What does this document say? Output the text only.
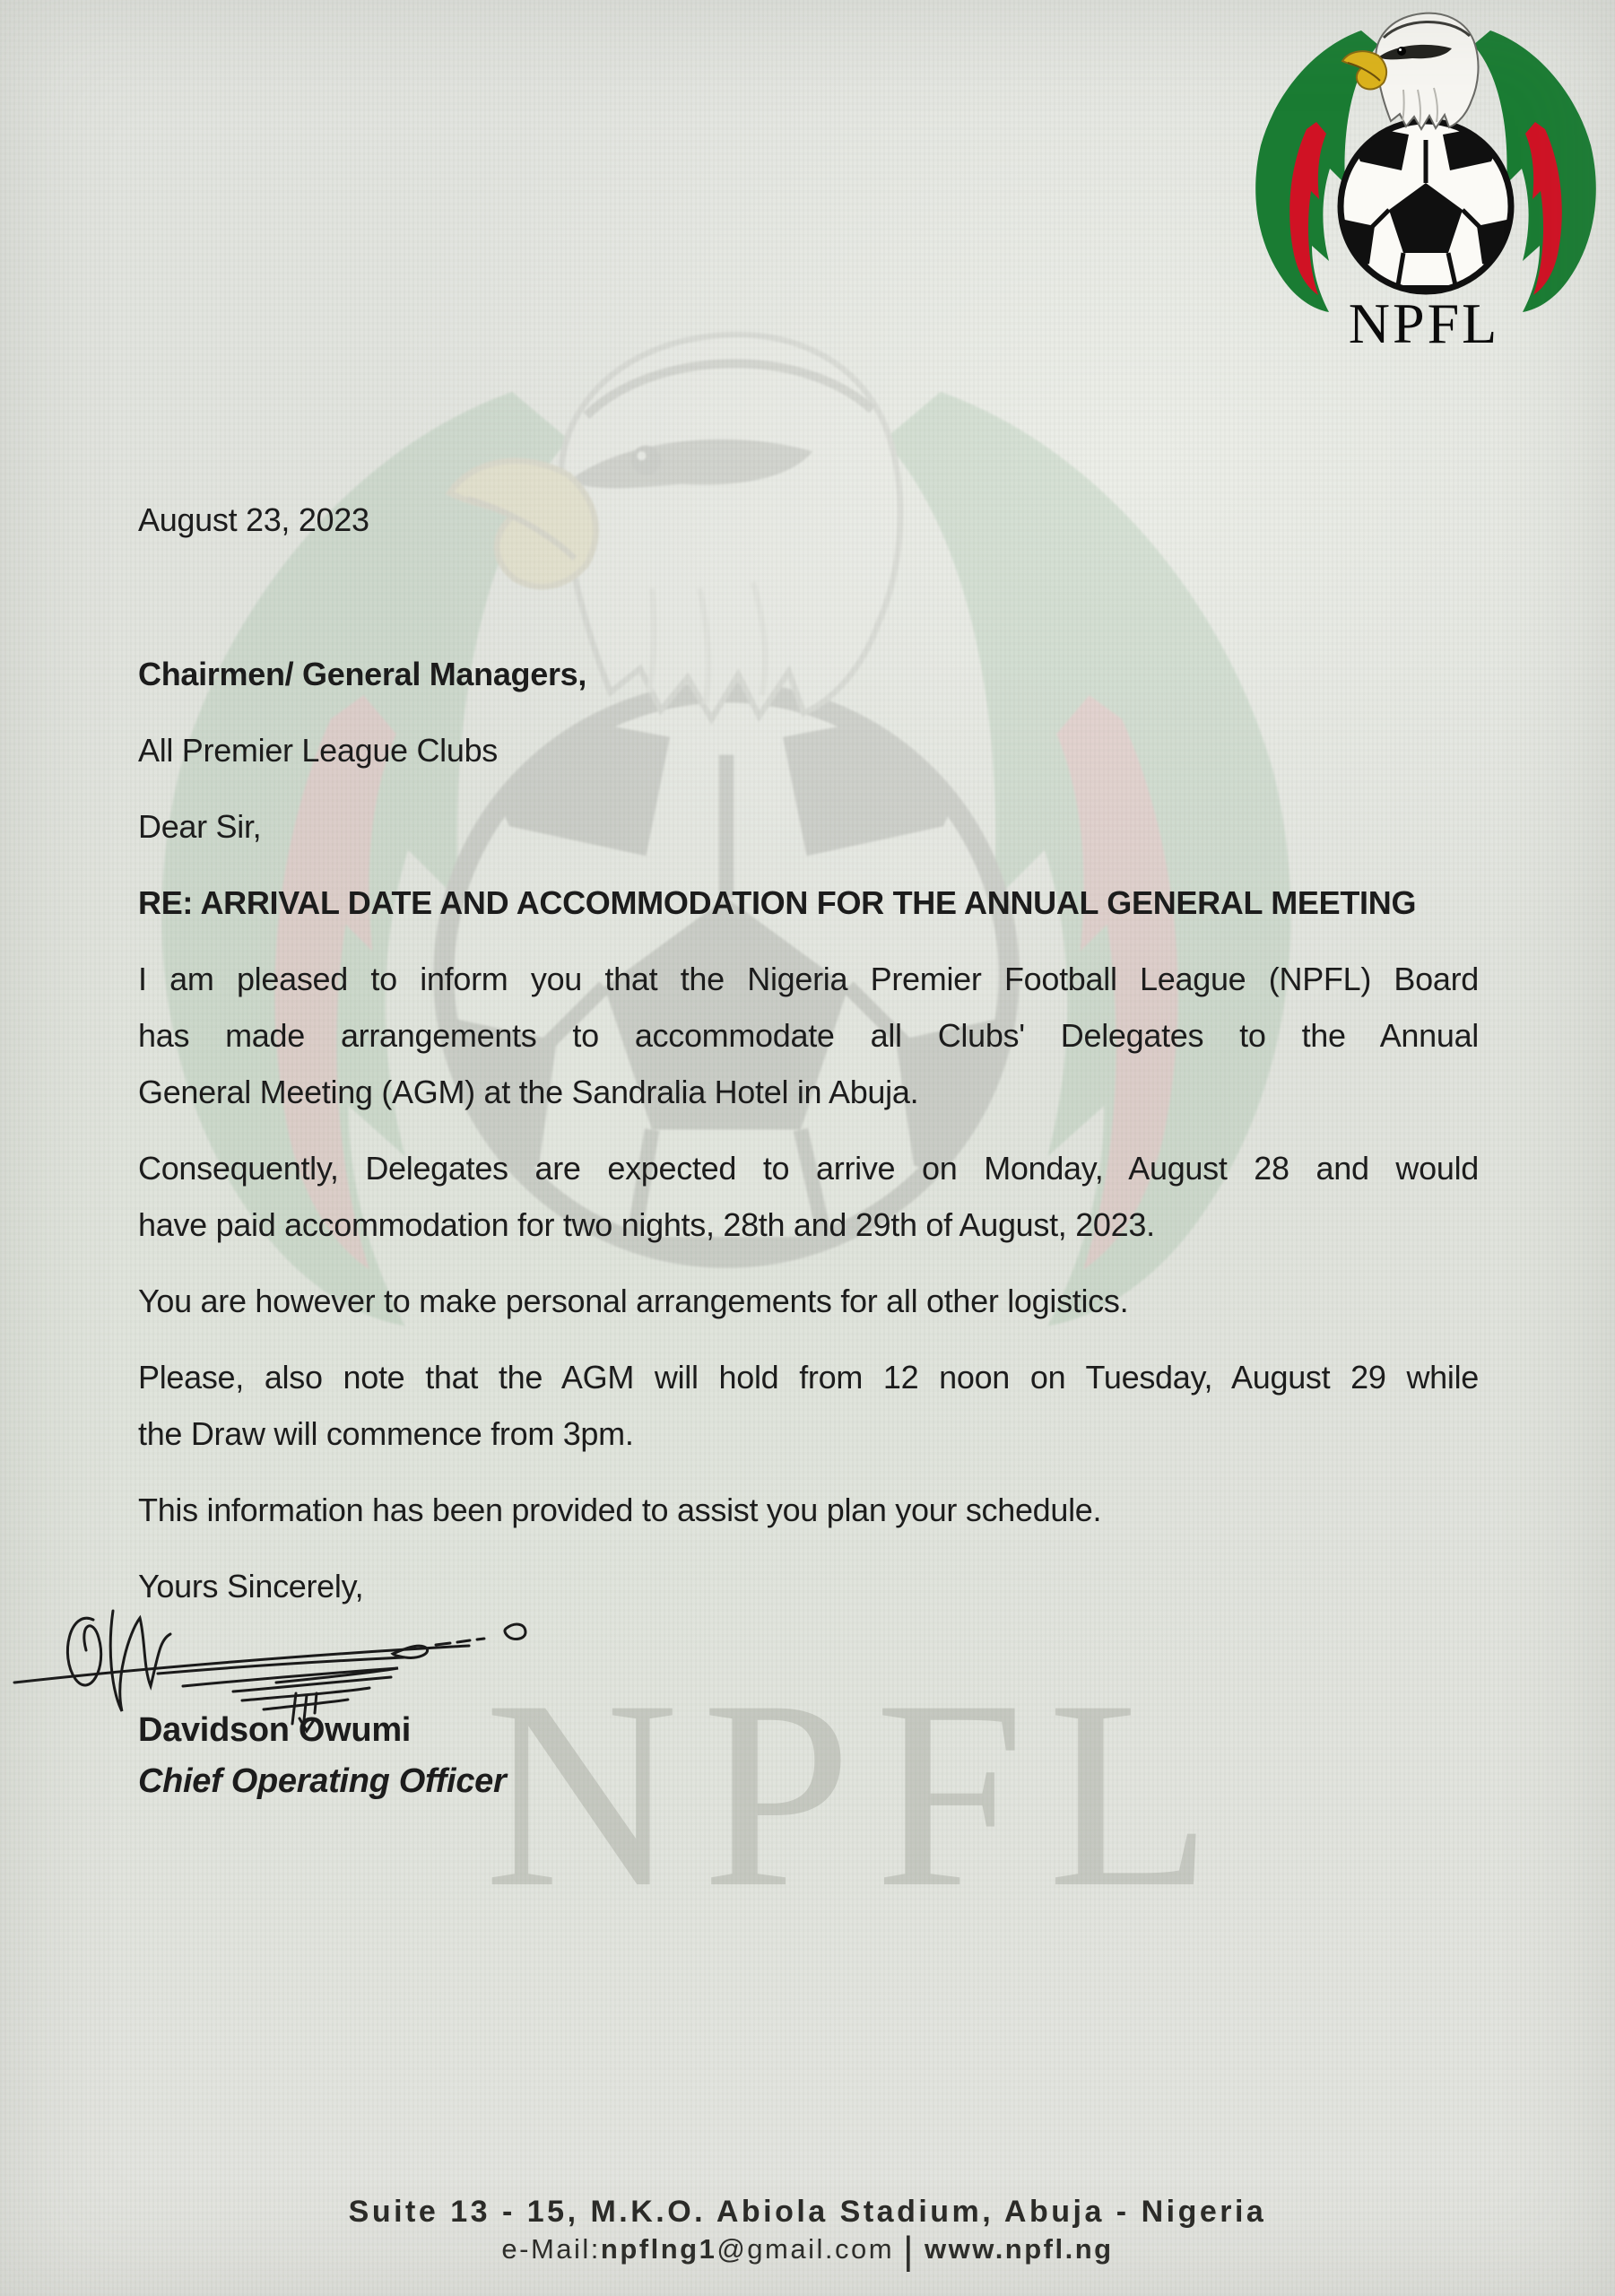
NPFL
NPFL
August 23, 2023
Chairmen/ General Managers,
All Premier League Clubs
Dear Sir,
RE: ARRIVAL DATE AND ACCOMMODATION FOR THE ANNUAL GENERAL MEETING
I am pleased to inform you that the Nigeria Premier Football League (NPFL) Board
has made arrangements to accommodate all Clubs' Delegates to the Annual
General Meeting (AGM) at the Sandralia Hotel in Abuja.
Consequently, Delegates are expected to arrive on Monday, August 28 and would
have paid accommodation for two nights, 28th and 29th of August, 2023.
You are however to make personal arrangements for all other logistics.
Please, also note that the AGM will hold from 12 noon on Tuesday, August 29 while
the Draw will commence from 3pm.
This information has been provided to assist you plan your schedule.
Yours Sincerely,
Davidson Owumi
Chief Operating Officer
Suite 13 - 15, M.K.O. Abiola Stadium, Abuja - Nigeria
e-Mail:npflng1@gmail.com | www.npfl.ng
